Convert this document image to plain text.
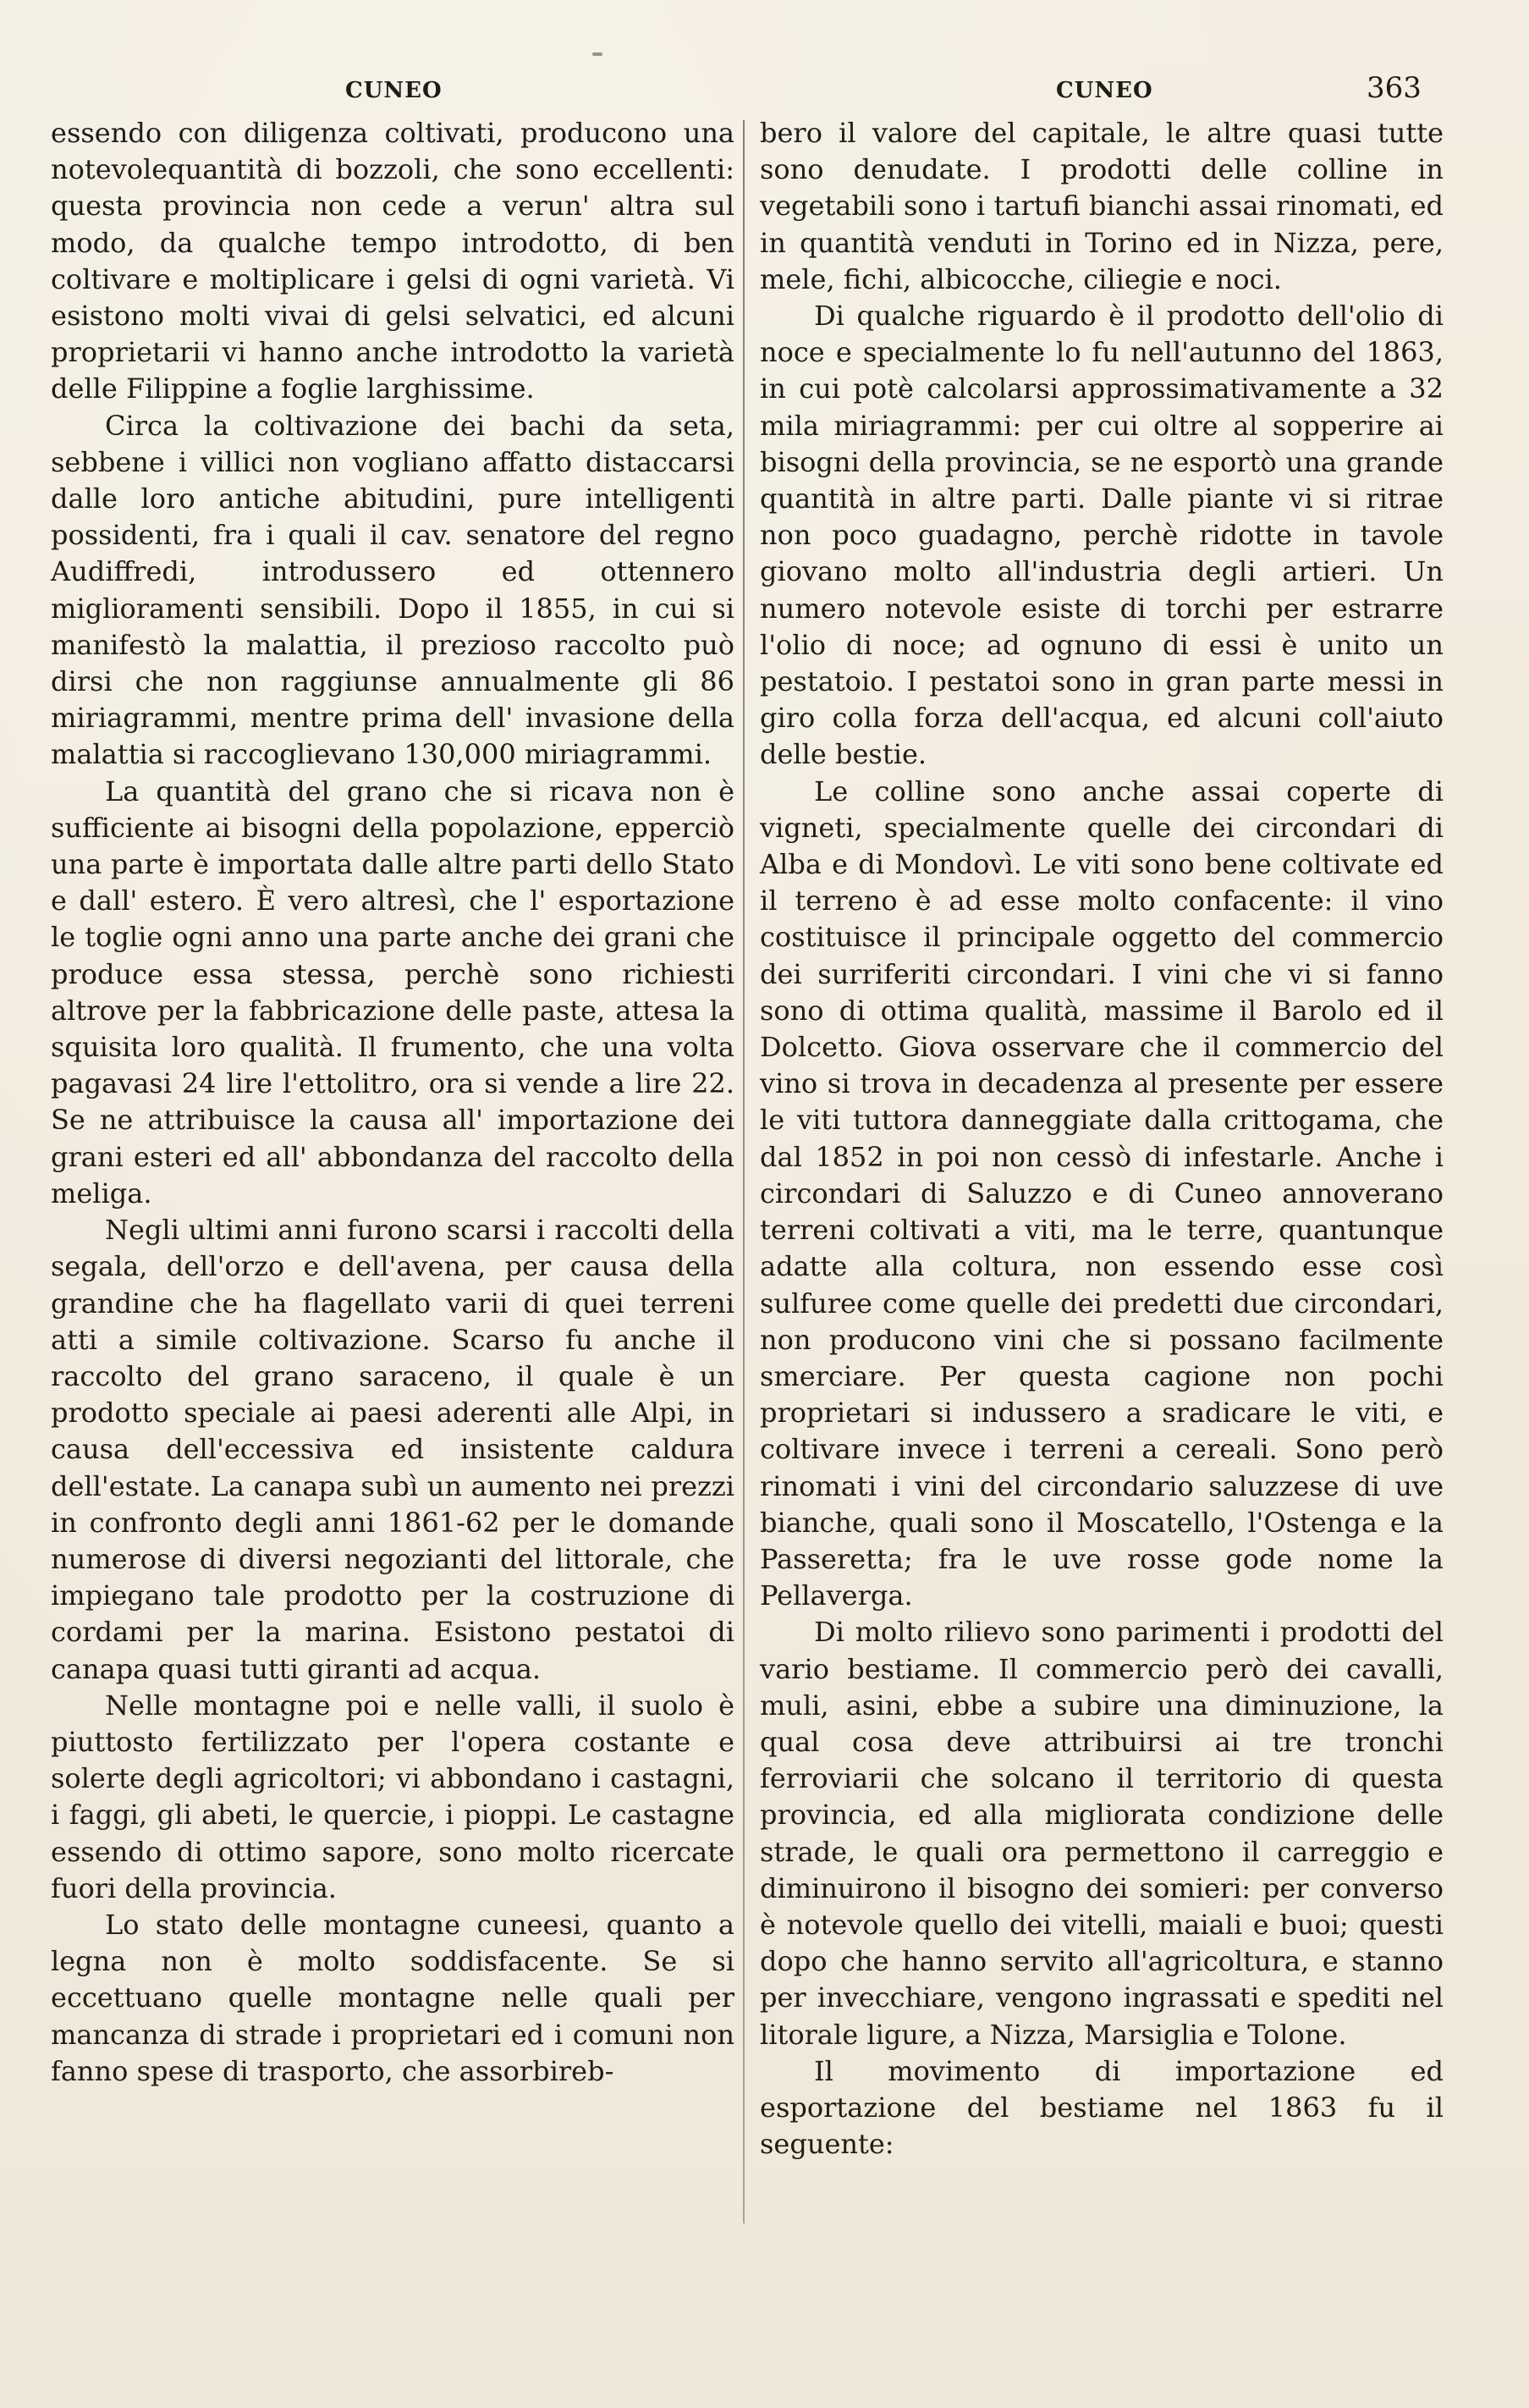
CUNEO	CUNEO	363

essendo con diligenza coltivati, producono una notevolequantità di bozzoli, che sono eccellenti: questa provincia non cede a verun' altra sul modo, da qualche tempo introdotto, di ben coltivare e moltiplicare i gelsi di ogni varietà. Vi esistono molti vivai di gelsi selvatici, ed alcuni proprietarii vi hanno anche introdotto la varietà delle Filippine a foglie larghissime.

Circa la coltivazione dei bachi da seta, sebbene i villici non vogliano affatto distaccarsi dalle loro antiche abitudini, pure intelligenti possidenti, fra i quali il cav. senatore del regno Audiffredi, introdussero ed ottennero miglioramenti sensibili. Dopo il 1855, in cui si manifestò la malattia, il prezioso raccolto può dirsi che non raggiunse annualmente gli 86 miriagrammi, mentre prima dell' invasione della malattia si raccoglievano 130,000 miriagrammi.

La quantità del grano che si ricava non è sufficiente ai bisogni della popolazione, epperciò una parte è importata dalle altre parti dello Stato e dall' estero. È vero altresì, che l' esportazione le toglie ogni anno una parte anche dei grani che produce essa stessa, perchè sono richiesti altrove per la fabbricazione delle paste, attesa la squisita loro qualità. Il frumento, che una volta pagavasi 24 lire l'ettolitro, ora si vende a lire 22. Se ne attribuisce la causa all' importazione dei grani esteri ed all' abbondanza del raccolto della meliga.

Negli ultimi anni furono scarsi i raccolti della segala, dell'orzo e dell'avena, per causa della grandine che ha flagellato varii di quei terreni atti a simile coltivazione. Scarso fu anche il raccolto del grano saraceno, il quale è un prodotto speciale ai paesi aderenti alle Alpi, in causa dell'eccessiva ed insistente caldura dell'estate. La canapa subì un aumento nei prezzi in confronto degli anni 1861-62 per le domande numerose di diversi negozianti del littorale, che impiegano tale prodotto per la costruzione di cordami per la marina. Esistono pestatoi di canapa quasi tutti giranti ad acqua.

Nelle montagne poi e nelle valli, il suolo è piuttosto fertilizzato per l'opera costante e solerte degli agricoltori; vi abbondano i castagni, i faggi, gli abeti, le quercie, i pioppi. Le castagne essendo di ottimo sapore, sono molto ricercate fuori della provincia.

Lo stato delle montagne cuneesi, quanto a legna non è molto soddisfacente. Se si eccettuano quelle montagne nelle quali per mancanza di strade i proprietari ed i comuni non fanno spese di trasporto, che assorbireb-

bero il valore del capitale, le altre quasi tutte sono denudate. I prodotti delle colline in vegetabili sono i tartufi bianchi assai rinomati, ed in quantità venduti in Torino ed in Nizza, pere, mele, fichi, albicocche, ciliegie e noci.

Di qualche riguardo è il prodotto dell'olio di noce e specialmente lo fu nell'autunno del 1863, in cui potè calcolarsi approssimativamente a 32 mila miriagrammi: per cui oltre al sopperire ai bisogni della provincia, se ne esportò una grande quantità in altre parti. Dalle piante vi si ritrae non poco guadagno, perchè ridotte in tavole giovano molto all'industria degli artieri. Un numero notevole esiste di torchi per estrarre l'olio di noce; ad ognuno di essi è unito un pestatoio. I pestatoi sono in gran parte messi in giro colla forza dell'acqua, ed alcuni coll'aiuto delle bestie.

Le colline sono anche assai coperte di vigneti, specialmente quelle dei circondari di Alba e di Mondovì. Le viti sono bene coltivate ed il terreno è ad esse molto confacente: il vino costituisce il principale oggetto del commercio dei surriferiti circondari. I vini che vi si fanno sono di ottima qualità, massime il Barolo ed il Dolcetto. Giova osservare che il commercio del vino si trova in decadenza al presente per essere le viti tuttora danneggiate dalla crittogama, che dal 1852 in poi non cessò di infestarle. Anche i circondari di Saluzzo e di Cuneo annoverano terreni coltivati a viti, ma le terre, quantunque adatte alla coltura, non essendo esse così sulfuree come quelle dei predetti due circondari, non producono vini che si possano facilmente smerciare. Per questa cagione non pochi proprietari si indussero a sradicare le viti, e coltivare invece i terreni a cereali. Sono però rinomati i vini del circondario saluzzese di uve bianche, quali sono il Moscatello, l'Ostenga e la Passeretta; fra le uve rosse gode nome la Pellaverga.

Di molto rilievo sono parimenti i prodotti del vario bestiame. Il commercio però dei cavalli, muli, asini, ebbe a subire una diminuzione, la qual cosa deve attribuirsi ai tre tronchi ferroviarii che solcano il territorio di questa provincia, ed alla migliorata condizione delle strade, le quali ora permettono il carreggio e diminuirono il bisogno dei somieri: per converso è notevole quello dei vitelli, maiali e buoi; questi dopo che hanno servito all'agricoltura, e stanno per invecchiare, vengono ingrassati e spediti nel litorale ligure, a Nizza, Marsiglia e Tolone.

Il movimento di importazione ed esportazione del bestiame nel 1863 fu il seguente:
